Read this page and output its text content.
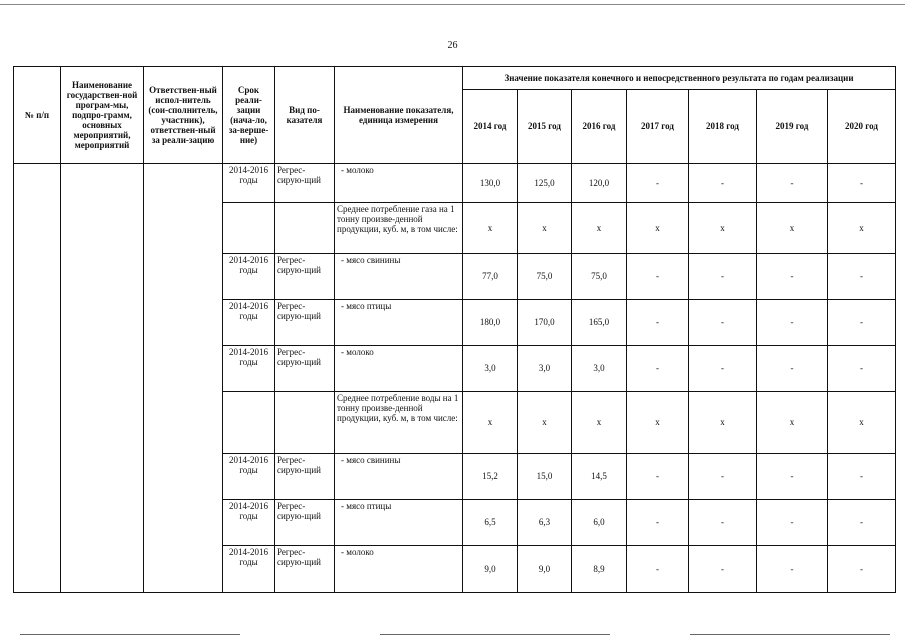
26
№ п/п	Наименование государствен-ной програм-мы, подпро-грамм, основных мероприятий, мероприятий	Ответствен-ный испол-нитель (сои-сполнитель, участник), ответствен-ный за реали-зацию	Срок реали-зации (нача-ло, за-верше-ние)	Вид по-казателя	Наименование показателя, единица измерения	Значение показателя конечного и непосредственного результата по годам реализации						
						2014 год	2015 год	2016 год	2017 год	2018 год	2019 год	2020 год
			2014-2016 годы	Регрес-сирую-щий	- молоко	130,0	125,0	120,0	-	-	-	-
					Среднее потребление газа на 1 тонну произве-денной продукции, куб. м, в том числе:	x	x	x	x	x	x	x
			2014-2016 годы	Регрес-сирую-щий	- мясо свинины	77,0	75,0	75,0	-	-	-	-
			2014-2016 годы	Регрес-сирую-щий	- мясо птицы	180,0	170,0	165,0	-	-	-	-
			2014-2016 годы	Регрес-сирую-щий	- молоко	3,0	3,0	3,0	-	-	-	-
					Среднее потребление воды на 1 тонну произве-денной продукции, куб. м, в том числе:	x	x	x	x	x	x	x
			2014-2016 годы	Регрес-сирую-щий	- мясо свинины	15,2	15,0	14,5	-	-	-	-
			2014-2016 годы	Регрес-сирую-щий	- мясо птицы	6,5	6,3	6,0	-	-	-	-
			2014-2016 годы	Регрес-сирую-щий	- молоко	9,0	9,0	8,9	-	-	-	-
